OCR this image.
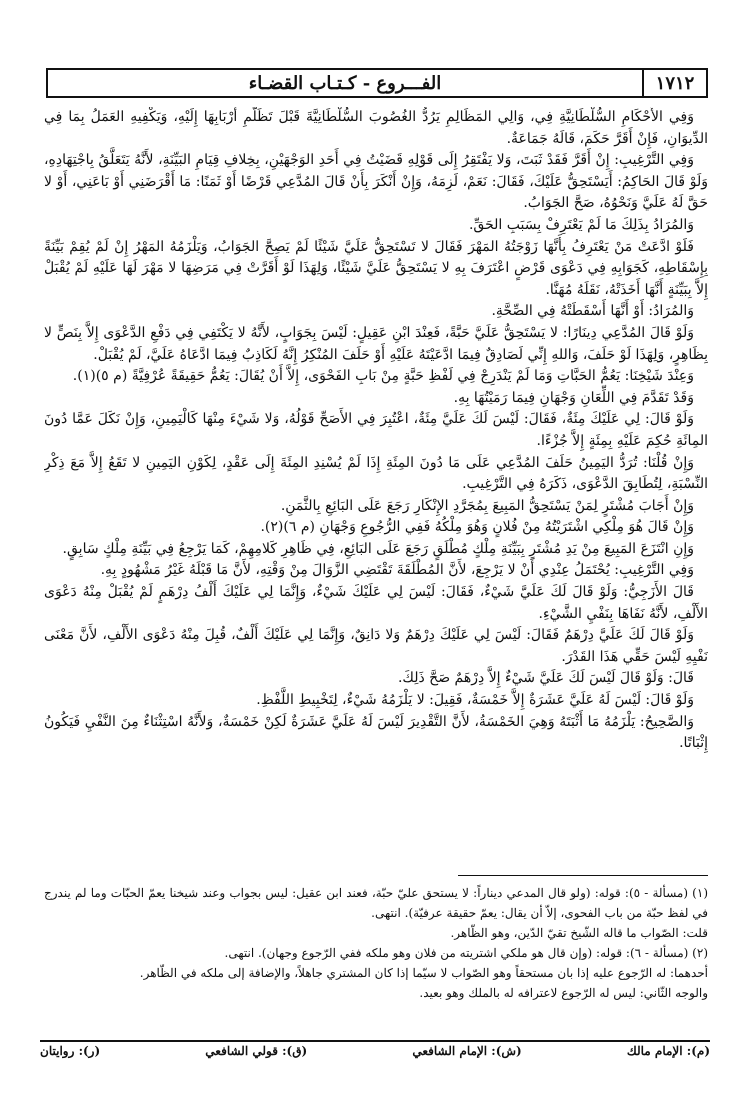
١٧١٢
الفـــروع - كـتـاب القضـاء

وَفِي الأَحْكَامِ السُّلْطَانِيَّةِ فِي، وَالِي المَظَالِمِ يَرُدُّ الغُصُوبَ السُّلْطَانِيَّةَ قَبْلَ تَظَلُّمِ أَرْبَابِهَا إِلَيْهِ، وَيَكْفِيهِ العَمَلُ بِمَا فِي الدِّيوَانِ، فَإِنْ أَقَرَّ حَكَمَ، قَالَهُ جَمَاعَةٌ.

وَفِي التَّرْغِيبِ: إِنْ أَقَرَّ فَقَدْ ثَبَتَ، وَلا يَفْتَقِرُ إِلَى قَوْلِهِ قَضَيْتُ فِي أَحَدِ الوَجْهَيْنِ، بِخِلافِ قِيَامِ البَيِّنَةِ، لأَنَّهُ يَتَعَلَّقُ بِاجْتِهَادِهِ، وَلَوْ قَالَ الحَاكِمُ: أَيَسْتَحِقُّ عَلَيْكَ، فَقَالَ: نَعَمْ، لَزِمَهُ، وَإِنْ أَنْكَرَ بِأَنْ قَالَ المُدَّعِي قَرْضًا أَوْ ثَمَنًا: مَا أَقْرَضَنِي أَوْ بَاعَنِي، أَوْ لا حَقَّ لَهُ عَلَيَّ وَنَحْوُهُ، صَحَّ الجَوَابُ.

وَالمُرَادُ بِذَلِكَ مَا لَمْ يَعْتَرِفْ بِسَبَبِ الحَقِّ.

فَلَوْ ادَّعَتْ مَنْ يَعْتَرِفُ بِأَنَّهَا زَوْجَتُهُ المَهْرَ فَقَالَ لا تَسْتَحِقُّ عَلَيَّ شَيْئًا لَمْ يَصِحَّ الجَوَابُ، وَيَلْزَمُهُ المَهْرُ إِنْ لَمْ يُقِمْ بَيِّنَةً بِإِسْقَاطِهِ، كَجَوَابِهِ فِي دَعْوَى قَرْضٍ اعْتَرَفَ بِهِ لا يَسْتَحِقُّ عَلَيَّ شَيْئًا، وَلِهَذَا لَوْ أَقَرَّتْ فِي مَرَضِهَا لا مَهْرَ لَهَا عَلَيْهِ لَمْ يُقْبَلْ إِلاَّ بِبَيِّنَةٍ أَنَّهَا أَخَذَتْهُ، نَقَلَهُ مُهَنَّا.

وَالمُرَادُ: أَوْ أَنَّهَا أَسْقَطَتْهُ فِي الصِّحَّةِ.

وَلَوْ قَالَ المُدَّعِي دِينَارًا: لا يَسْتَحِقُّ عَلَيَّ حَبَّةً، فَعِنْدَ ابْنِ عَقِيلٍ: لَيْسَ بِجَوَابٍ، لأَنَّهُ لا يَكْتَفِي فِي دَفْعِ الدَّعْوَى إِلاَّ بِنَصٍّ لا بِظَاهِرٍ، وَلِهَذَا لَوْ حَلَفَ، وَاللهِ إِنِّي لَصَادِقٌ فِيمَا ادَّعَيْتَهُ عَلَيْهِ أَوْ حَلَفَ المُنْكِرُ إِنَّهُ لَكَاذِبٌ فِيمَا ادَّعَاهُ عَلَيَّ، لَمْ يُقْبَلْ.

وَعِنْدَ شَيْخِنَا: يَعُمُّ الحَبَّاتِ وَمَا لَمْ يَنْدَرِجْ فِي لَفْظِ حَبَّةٍ مِنْ بَابِ الفَحْوَى، إِلاَّ أَنْ يُقَالَ: يَعُمُّ حَقِيقَةً عُرْفِيَّةً (م ٥)(١).

وَقَدْ تَقَدَّمَ فِي اللِّعَانِ وَجْهَانِ فِيمَا رَمَيْتُهَا بِهِ.

وَلَوْ قَالَ: لِي عَلَيْكَ مِئَةٌ، فَقَالَ: لَيْسَ لَكَ عَلَيَّ مِئَةٌ، اعْتُبِرَ فِي الأَصَحِّ قَوْلُهُ، وَلا شَيْءَ مِنْهَا كَالْيَمِينِ، وَإِنْ نَكَلَ عَمَّا دُونَ المِائَةِ حُكِمَ عَلَيْهِ بِمِئَةٍ إِلاَّ جُزْءًا.

وَإِنْ قُلْنَا: تُرَدُّ اليَمِينُ حَلَفَ المُدَّعِي عَلَى مَا دُونَ المِئَةِ إِذَا لَمْ يُسْنِدِ المِئَةَ إِلَى عَقْدٍ، لِكَوْنِ اليَمِينِ لا تَقَعُ إِلاَّ مَعَ ذِكْرِ النِّسْبَةِ، لِتُطَابِقَ الدَّعْوَى، ذَكَرَهُ فِي التَّرْغِيبِ.

وَإِنْ أَجَابَ مُشْتَرٍ لِمَنْ يَسْتَحِقُّ المَبِيعَ بِمُجَرَّدِ الإِنْكَارِ رَجَعَ عَلَى البَائِعِ بِالثَّمَنِ.

وَإِنْ قَالَ هُوَ مِلْكِي اشْتَرَيْتُهُ مِنْ فُلانٍ وَهُوَ مِلْكُهُ فَفِي الرُّجُوعِ وَجْهَانِ (م ٦)(٢).

وَإِنِ انْتَزَعَ المَبِيعَ مِنْ يَدِ مُشْتَرٍ بِبَيِّنَةِ مِلْكٍ مُطْلَقٍ رَجَعَ عَلَى البَائِعِ، فِي ظَاهِرِ كَلامِهِمْ، كَمَا يَرْجِعُ فِي بَيِّنَةِ مِلْكٍ سَابِقٍ.

وَفِي التَّرْغِيبِ: يُحْتَمَلُ عِنْدِي أَنْ لا يَرْجِعَ، لأَنَّ المُطْلَقَةَ تَقْتَضِي الزَّوَالَ مِنْ وَقْتِهِ، لأَنَّ مَا قَبْلَهُ غَيْرُ مَشْهُودٍ بِهِ.

قَالَ الأَزَجِيُّ: وَلَوْ قَالَ لَكَ عَلَيَّ شَيْءٌ، فَقَالَ: لَيْسَ لِي عَلَيْكَ شَيْءٌ، وَإِنَّمَا لِي عَلَيْكَ أَلْفُ دِرْهَمٍ لَمْ يُقْبَلْ مِنْهُ دَعْوَى الأَلْفِ، لأَنَّهُ نَفَاهَا بِنَفْيِ الشَّيْءِ.

وَلَوْ قَالَ لَكَ عَلَيَّ دِرْهَمٌ فَقَالَ: لَيْسَ لِي عَلَيْكَ دِرْهَمٌ وَلا دَانِقٌ، وَإِنَّمَا لِي عَلَيْكَ أَلْفٌ، قُبِلَ مِنْهُ دَعْوَى الأَلْفِ، لأَنَّ مَعْنَى نَفْيِهِ لَيْسَ حَقِّي هَذَا القَدْرَ.

قَالَ: وَلَوْ قَالَ لَيْسَ لَكَ عَلَيَّ شَيْءٌ إِلاَّ دِرْهَمٌ صَحَّ ذَلِكَ.

وَلَوْ قَالَ: لَيْسَ لَهُ عَلَيَّ عَشَرَةٌ إِلاَّ خَمْسَةٌ، فَقِيلَ: لا يَلْزَمُهُ شَيْءٌ، لِتَخْبِيطِ اللَّفْظِ.

وَالصَّحِيحُ: يَلْزَمُهُ مَا أَثْبَتَهُ وَهِيَ الخَمْسَةُ، لأَنَّ التَّقْدِيرَ لَيْسَ لَهُ عَلَيَّ عَشَرَةٌ لَكِنْ خَمْسَةٌ، وَلأَنَّهُ اسْتِثْنَاءٌ مِنَ النَّفْيِ فَيَكُونُ إِثْبَاتًا.

(١) (مسألة - ٥): قوله: (ولو قال المدعي ديناراً: لا يستحق عليّ حبّة، فعند ابن عقيل: ليس بجواب وعند شيخنا يعمّ الحبّات وما لم يندرج في لفظ حبّة من باب الفحوى، إلاّ أن يقال: يعمّ حقيقة عرفيّة). انتهى.

قلت: الصّواب ما قاله الشّيخ تقيّ الدّين، وهو الظّاهر.

(٢) (مسألة - ٦): قوله: (وإن قال هو ملكي اشتريته من فلان وهو ملكه ففي الرّجوع وجهان). انتهى.

أحدهما: له الرّجوع عليه إذا بان مستحقاً وهو الصّواب لا سيّما إذا كان المشتري جاهلاً، والإضافة إلى ملكه في الظّاهر.

والوجه الثّاني: ليس له الرّجوع لاعترافه له بالملك وهو بعيد.

(م): الإمام مالك
(ش): الإمام الشافعي
(ق): قولي الشافعي
(ر): روايتان
